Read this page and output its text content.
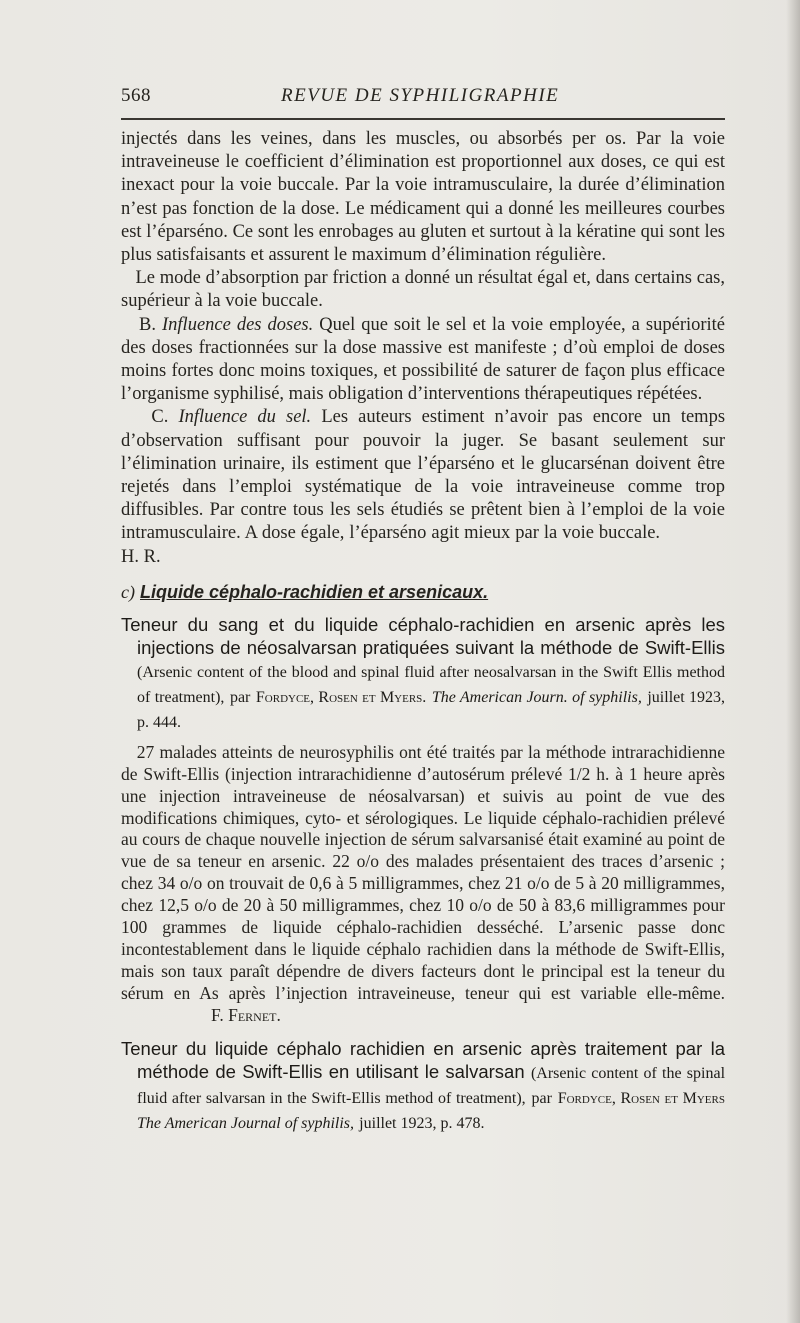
568	REVUE DE SYPHILIGRAPHIE

injectés dans les veines, dans les muscles, ou absorbés per os. Par la voie intraveineuse le coefficient d’élimination est proportionnel aux doses, ce qui est inexact pour la voie buccale. Par la voie intramusculaire, la durée d’élimination n’est pas fonction de la dose. Le médicament qui a donné les meilleures courbes est l’éparséno. Ce sont les enrobages au gluten et surtout à la kératine qui sont les plus satisfaisants et assurent le maximum d’élimination régulière.

Le mode d’absorption par friction a donné un résultat égal et, dans certains cas, supérieur à la voie buccale.

B. Influence des doses. Quel que soit le sel et la voie employée, a supériorité des doses fractionnées sur la dose massive est manifeste ; d’où emploi de doses moins fortes donc moins toxiques, et possibilité de saturer de façon plus efficace l’organisme syphilisé, mais obligation d’interventions thérapeutiques répétées.

C. Influence du sel. Les auteurs estiment n’avoir pas encore un temps d’observation suffisant pour pouvoir la juger. Se basant seulement sur l’élimination urinaire, ils estiment que l’éparséno et le glucarsénan doivent être rejetés dans l’emploi systématique de la voie intraveineuse comme trop diffusibles. Par contre tous les sels étudiés se prêtent bien à l’emploi de la voie intramusculaire. A dose égale, l’éparséno agit mieux par la voie buccale. H. R.

c) Liquide céphalo-rachidien et arsenicaux.

Teneur du sang et du liquide céphalo-rachidien en arsenic après les injections de néosalvarsan pratiquées suivant la méthode de Swift-Ellis (Arsenic content of the blood and spinal fluid after neosalvarsan in the Swift Ellis method of treatment), par Fordyce, Rosen et Myers. The American Journ. of syphilis, juillet 1923, p. 444.

27 malades atteints de neurosyphilis ont été traités par la méthode intrarachidienne de Swift-Ellis (injection intrarachidienne d’autosérum prélevé 1/2 h. à 1 heure après une injection intraveineuse de néosalvarsan) et suivis au point de vue des modifications chimiques, cyto- et sérologiques. Le liquide céphalo-rachidien prélevé au cours de chaque nouvelle injection de sérum salvarsanisé était examiné au point de vue de sa teneur en arsenic. 22 o/o des malades présentaient des traces d’arsenic ; chez 34 o/o on trouvait de 0,6 à 5 milligrammes, chez 21 o/o de 5 à 20 milligrammes, chez 12,5 o/o de 20 à 50 milligrammes, chez 10 o/o de 50 à 83,6 milligrammes pour 100 grammes de liquide céphalo-rachidien desséché. L’arsenic passe donc incontestablement dans le liquide céphalo rachidien dans la méthode de Swift-Ellis, mais son taux paraît dépendre de divers facteurs dont le principal est la teneur du sérum en As après l’injection intraveineuse, teneur qui est variable elle-même. F. Fernet.

Teneur du liquide céphalo rachidien en arsenic après traitement par la méthode de Swift-Ellis en utilisant le salvarsan (Arsenic content of the spinal fluid after salvarsan in the Swift-Ellis method of treatment), par Fordyce, Rosen et Myers The American Journal of syphilis, juillet 1923, p. 478.
